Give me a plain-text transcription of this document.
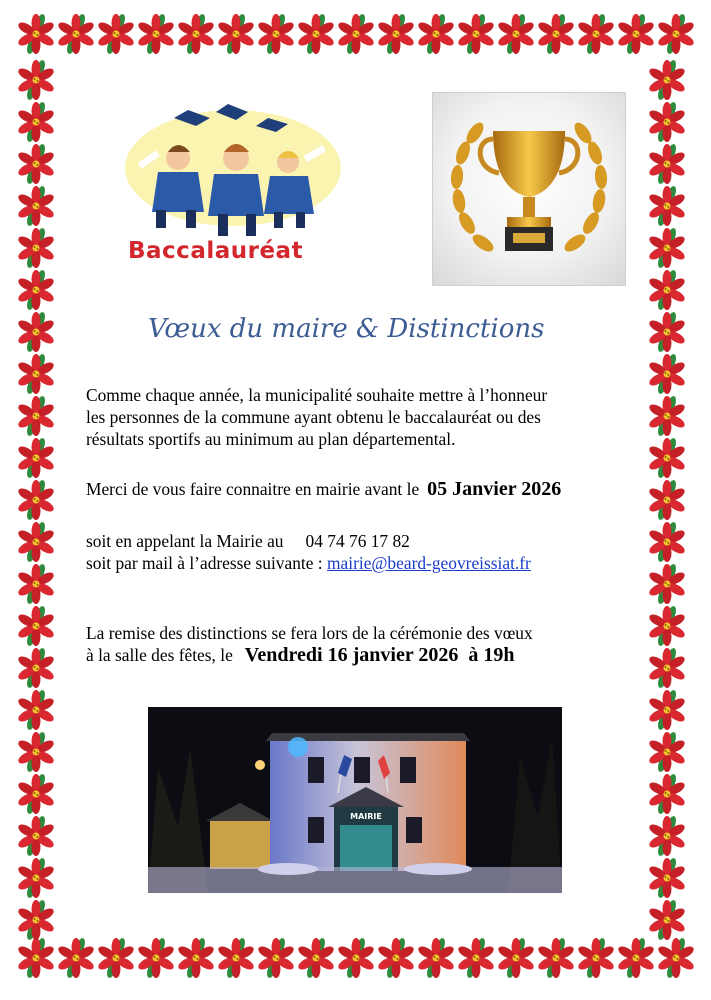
Baccalauréat
Vœux du maire & Distinctions

Comme chaque année, la municipalité souhaite mettre à l’honneur
les personnes de la commune ayant obtenu le baccalauréat ou des
résultats sportifs au minimum au plan départemental.

Merci de vous faire connaitre en mairie avant le 05 Janvier 2026

soit en appelant la Mairie au 04 74 76 17 82
soit par mail à l’adresse suivante : mairie@beard-geovreissiat.fr

La remise des distinctions se fera lors de la cérémonie des vœux
à la salle des fêtes, le Vendredi 16 janvier 2026 à 19h

MAIRIE
